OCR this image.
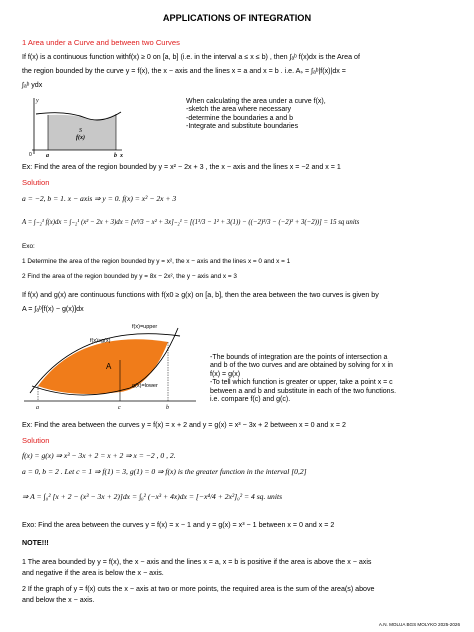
APPLICATIONS OF INTEGRATION
1 Area under a Curve and between two Curves
If f(x) is a continuous function withf(x) ≥ 0 on [a, b] (i.e. in the interval a ≤ x ≤ b) , then ∫ₐᵇ f(x)dx is the Area of
the region bounded by the curve y = f(x), the x − axis and the lines x = a and x = b . i.e. Aₛ = ∫ₐᵇ|f(x)|dx =
∫ₐᵇ ydx
y
f(x)
S
0 a	b x
When calculating the area under a curve f(x),
-sketch the area where necessary
-determine the boundaries a and b
-Integrate and substitute boundaries
Ex: Find the area of the region bounded by y = x² − 2x + 3 , the x − axis and the lines x = −2 and x = 1
Solution
a = −2, b = 1. x − axis ⇒ y = 0. f(x) = x² − 2x + 3
A = ∫₋₂¹ f(x)dx = ∫₋₂¹ (x² − 2x + 3)dx = [x³/3 − x² + 3x]₋₂¹ = [(1³/3 − 1² + 3(1)) − ((−2)³/3 − (−2)² + 3(−2))] = 15 sq units
Exo:
1 Determine the area of the region bounded by y = x², the x − axis and the lines x = 0 and x = 1
2 Find the area of the region bounded by y = 8x − 2x², the y − axis and x = 3
If f(x) and g(x) are continuous functions with f(x0 ≥ g(x) on [a, b], then the area between the two curves is given by
A = ∫ₐᵇ[f(x) − g(x)]dx
f(x)≥g(x)
f(x)=upper
g(x)=lower
A
a	c	b
-The bounds of integration are the points of intersection a
and b of the two curves and are obtained by solving for x in
f(x) = g(x)
-To tell which function is greater or upper, take a point x = c
between a and b and substitute in each of the two functions.
i.e. compare f(c) and g(c).
Ex: Find the area between the curves y = f(x) = x + 2 and y = g(x) = x³ − 3x + 2 between x = 0 and x = 2
Solution
f(x) = g(x) ⇒ x³ − 3x + 2 = x + 2 ⇒ x = −2 , 0 , 2.
a = 0, b = 2 . Let c = 1 ⇒ f(1) = 3, g(1) = 0 ⇒ f(x) is the greater function in the interval [0,2]
⇒ A = ∫₀² [x + 2 − (x³ − 3x + 2)]dx = ∫₀² (−x³ + 4x)dx = [−x⁴/4 + 2x²]₀² = 4 sq. units
Exo: Find the area between the curves y = f(x) = x − 1 and y = g(x) = x³ − 1 between x = 0 and x = 2
NOTE!!!
1 The area bounded by y = f(x), the x − axis and the lines x = a, x = b is positive if the area is above the x − axis
and negative if the area is below the x − axis.
2 If the graph of y = f(x) cuts the x − axis at two or more points, the required area is the sum of the area(s) above
and below the x − axis.
A.N. MOLUA BGS MOLYKO 2025-2026
